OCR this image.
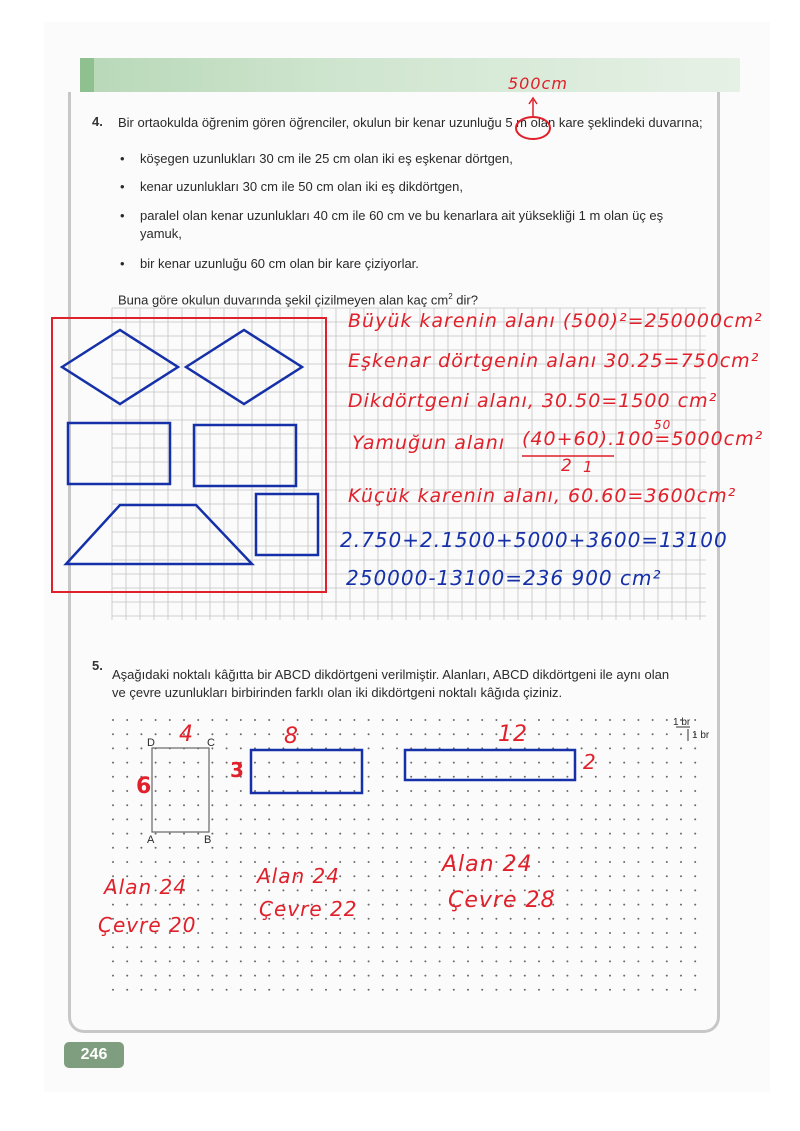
4. Bir ortaokulda öğrenim gören öğrenciler, okulun bir kenar uzunluğu 5 m olan kare şeklindeki duvarına;
• köşegen uzunlukları 30 cm ile 25 cm olan iki eş eşkenar dörtgen,
• kenar uzunlukları 30 cm ile 50 cm olan iki eş dikdörtgen,
• paralel olan kenar uzunlukları 40 cm ile 60 cm ve bu kenarlara ait yüksekliği 1 m olan üç eş
yamuk,
• bir kenar uzunluğu 60 cm olan bir kare çiziyorlar.
Buna göre okulun duvarında şekil çizilmeyen alan kaç $cm^2$ dir?
500cm
Büyük karenin alanı (500)²=250000cm²
Eşkenar dörtgenin alanı 30.25=750cm²
Dikdörtgeni alanı, 30.50=1500 cm²
Yamuğun alanı (40+60).100=5000cm²
2
50
1
Küçük karenin alanı, 60.60=3600cm²
2.750+2.1500+5000+3600=13100
250000-13100=236 900 cm²
5.
Aşağıdaki noktalı kâğıtta bir ABCD dikdörtgeni verilmiştir. Alanları, ABCD dikdörtgeni ile aynı olan
ve çevre uzunlukları birbirinden farklı olan iki dikdörtgeni noktalı kâğıda çiziniz.
1 br
1 br
D	C
A	B
4
6
8
3
12
2
Alan 24
Çevre 20
Alan 24
Çevre 22
Alan 24
Çevre 28
246
